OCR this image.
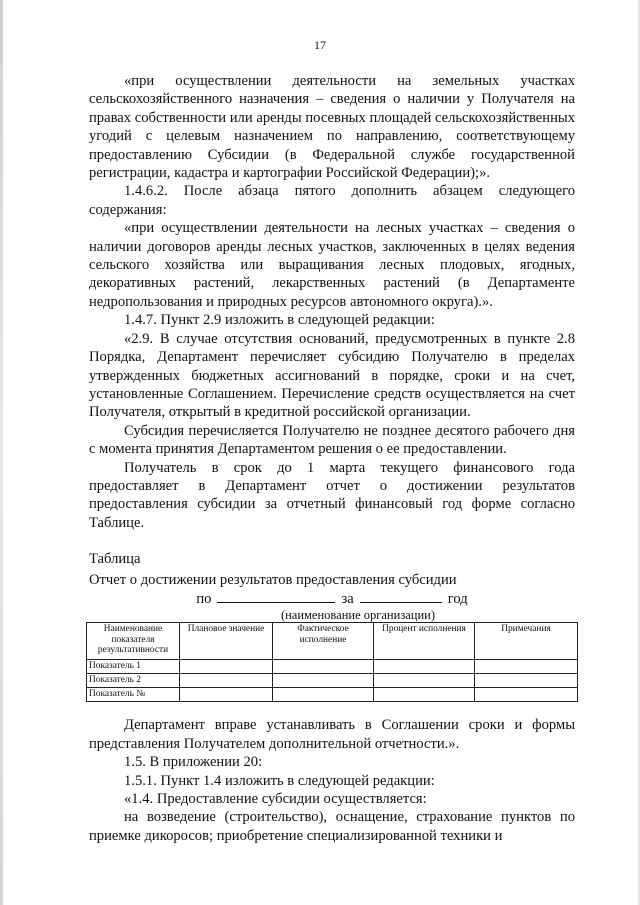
17

«при осуществлении деятельности на земельных участках сельскохозяйственного назначения – сведения о наличии у Получателя на правах собственности или аренды посевных площадей сельскохозяйственных угодий с целевым назначением по направлению, соответствующему предоставлению Субсидии (в Федеральной службе государственной регистрации, кадастра и картографии Российской Федерации);».

1.4.6.2. После абзаца пятого дополнить абзацем следующего содержания:

«при осуществлении деятельности на лесных участках – сведения о наличии договоров аренды лесных участков, заключенных в целях ведения сельского хозяйства или выращивания лесных плодовых, ягодных, декоративных растений, лекарственных растений (в Департаменте недропользования и природных ресурсов автономного округа).».

1.4.7. Пункт 2.9 изложить в следующей редакции:

«2.9. В случае отсутствия оснований, предусмотренных в пункте 2.8 Порядка, Департамент перечисляет субсидию Получателю в пределах утвержденных бюджетных ассигнований в порядке, сроки и на счет, установленные Соглашением. Перечисление средств осуществляется на счет Получателя, открытый в кредитной российской организации.

Субсидия перечисляется Получателю не позднее десятого рабочего дня с момента принятия Департаментом решения о ее предоставлении.

Получатель в срок до 1 марта текущего финансового года предоставляет в Департамент отчет о достижении результатов предоставления субсидии за отчетный финансовый год форме согласно Таблице.

Таблица

Отчет о достижении результатов предоставления субсидии

по	за	год
(наименование организации)
Наименование показателя результативности	Плановое значение	Фактическое исполнение	Процент исполнения	Примечания
Показатель 1				
Показатель 2				
Показатель №				

Департамент вправе устанавливать в Соглашении сроки и формы представления Получателем дополнительной отчетности.».

1.5. В приложении 20:

1.5.1. Пункт 1.4 изложить в следующей редакции:

«1.4. Предоставление субсидии осуществляется:

на возведение (строительство), оснащение, страхование пунктов по приемке дикоросов; приобретение специализированной техники и
